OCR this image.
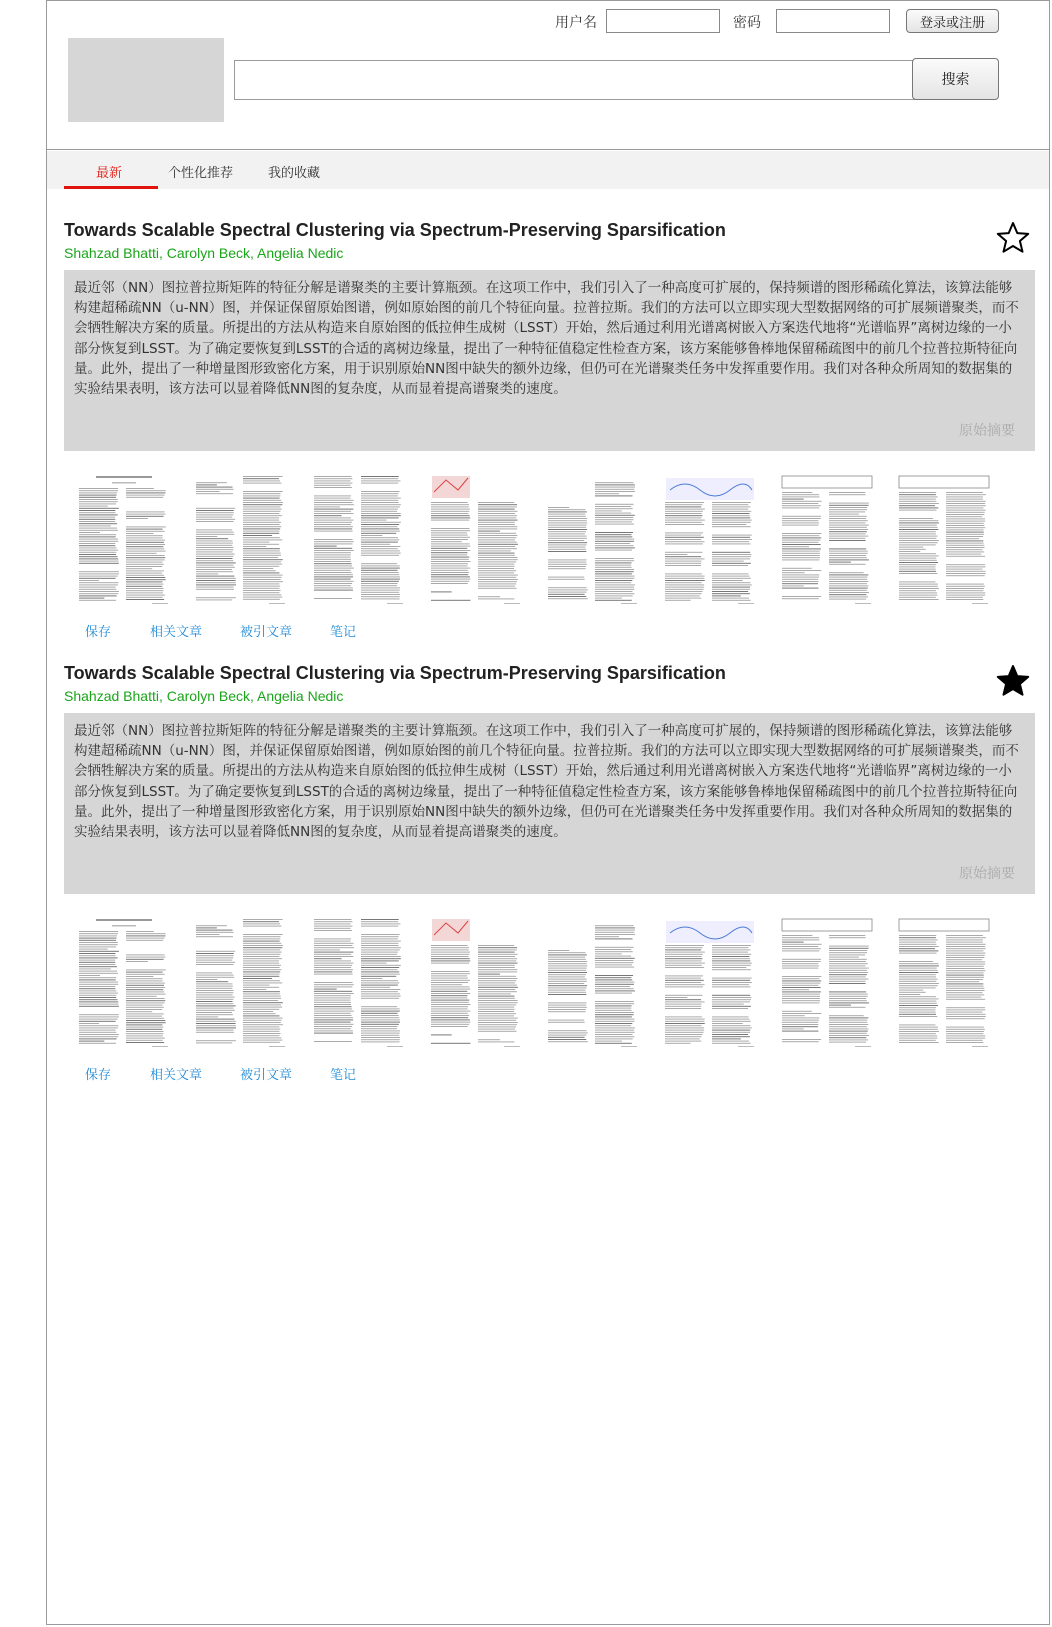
用户名	密码	登录或注册
搜索
最新	个性化推荐	我的收藏
Towards Scalable Spectral Clustering via Spectrum-Preserving Sparsification
Shahzad Bhatti, Carolyn Beck, Angelia Nedic
最近邻（NN）图拉普拉斯矩阵的特征分解是谱聚类的主要计算瓶颈。在这项工作中，我们引入了一种高度可扩展的，保持频谱的图形稀疏化算法，该算法能够构建超稀疏NN（u-NN）图，并保证保留原始图谱，例如原始图的前几个特征向量。拉普拉斯。我们的方法可以立即实现大型数据网络的可扩展频谱聚类，而不会牺牲解决方案的质量。所提出的方法从构造来自原始图的低拉伸生成树（LSST）开始，然后通过利用光谱离树嵌入方案迭代地将“光谱临界”离树边缘的一小部分恢复到LSST。为了确定要恢复到LSST的合适的离树边缘量，提出了一种特征值稳定性检查方案，该方案能够鲁棒地保留稀疏图中的前几个拉普拉斯特征向量。此外，提出了一种增量图形致密化方案，用于识别原始NN图中缺失的额外边缘，但仍可在光谱聚类任务中发挥重要作用。我们对各种众所周知的数据集的实验结果表明，该方法可以显着降低NN图的复杂度，从而显着提高谱聚类的速度。
原始摘要
保存	相关文章	被引文章	笔记
Towards Scalable Spectral Clustering via Spectrum-Preserving Sparsification
Shahzad Bhatti, Carolyn Beck, Angelia Nedic
最近邻（NN）图拉普拉斯矩阵的特征分解是谱聚类的主要计算瓶颈。在这项工作中，我们引入了一种高度可扩展的，保持频谱的图形稀疏化算法，该算法能够构建超稀疏NN（u-NN）图，并保证保留原始图谱，例如原始图的前几个特征向量。拉普拉斯。我们的方法可以立即实现大型数据网络的可扩展频谱聚类，而不会牺牲解决方案的质量。所提出的方法从构造来自原始图的低拉伸生成树（LSST）开始，然后通过利用光谱离树嵌入方案迭代地将“光谱临界”离树边缘的一小部分恢复到LSST。为了确定要恢复到LSST的合适的离树边缘量，提出了一种特征值稳定性检查方案，该方案能够鲁棒地保留稀疏图中的前几个拉普拉斯特征向量。此外，提出了一种增量图形致密化方案，用于识别原始NN图中缺失的额外边缘，但仍可在光谱聚类任务中发挥重要作用。我们对各种众所周知的数据集的实验结果表明，该方法可以显着降低NN图的复杂度，从而显着提高谱聚类的速度。
原始摘要
保存	相关文章	被引文章	笔记
